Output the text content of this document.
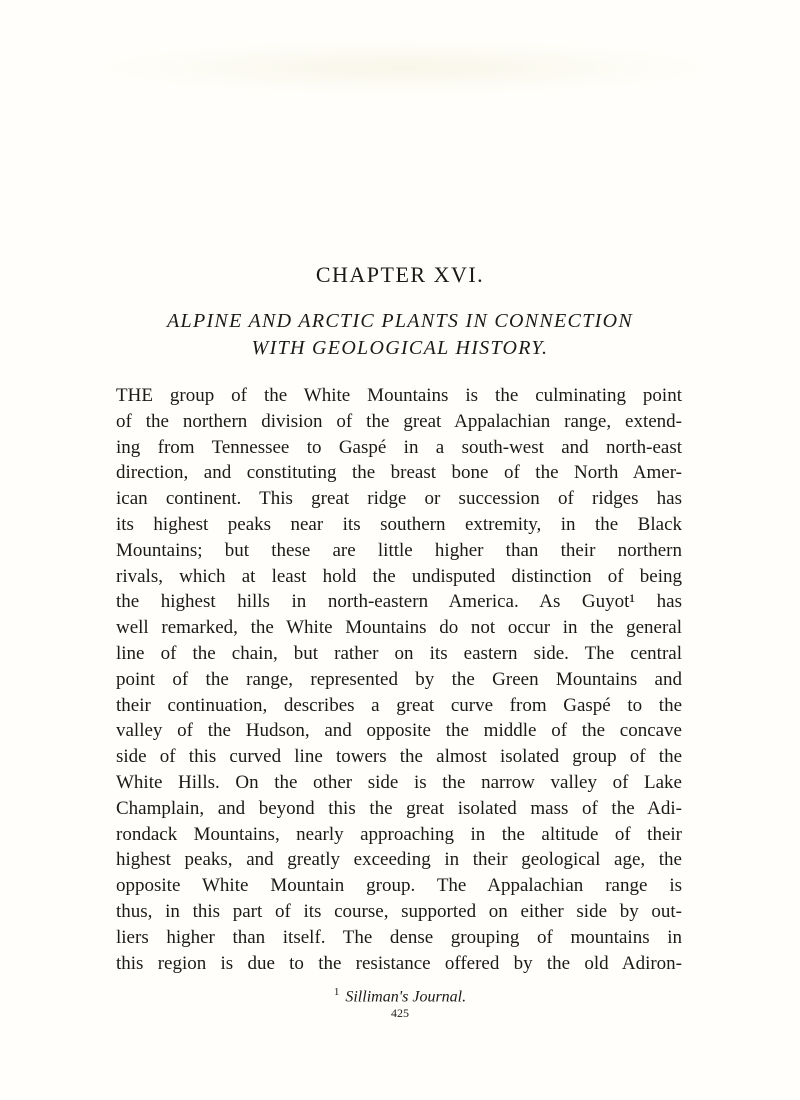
CHAPTER XVI.
ALPINE AND ARCTIC PLANTS IN CONNECTION
WITH GEOLOGICAL HISTORY.
THE group of the White Mountains is the culminating point
of the northern division of the great Appalachian range, extend-
ing from Tennessee to Gaspé in a south-west and north-east
direction, and constituting the breast bone of the North Amer-
ican continent. This great ridge or succession of ridges has
its highest peaks near its southern extremity, in the Black
Mountains; but these are little higher than their northern
rivals, which at least hold the undisputed distinction of being
the highest hills in north-eastern America. As Guyot¹ has
well remarked, the White Mountains do not occur in the general
line of the chain, but rather on its eastern side. The central
point of the range, represented by the Green Mountains and
their continuation, describes a great curve from Gaspé to the
valley of the Hudson, and opposite the middle of the concave
side of this curved line towers the almost isolated group of the
White Hills. On the other side is the narrow valley of Lake
Champlain, and beyond this the great isolated mass of the Adi-
rondack Mountains, nearly approaching in the altitude of their
highest peaks, and greatly exceeding in their geological age, the
opposite White Mountain group. The Appalachian range is
thus, in this part of its course, supported on either side by out-
liers higher than itself. The dense grouping of mountains in
this region is due to the resistance offered by the old Adiron-
$^1$ Silliman's Journal.
425
